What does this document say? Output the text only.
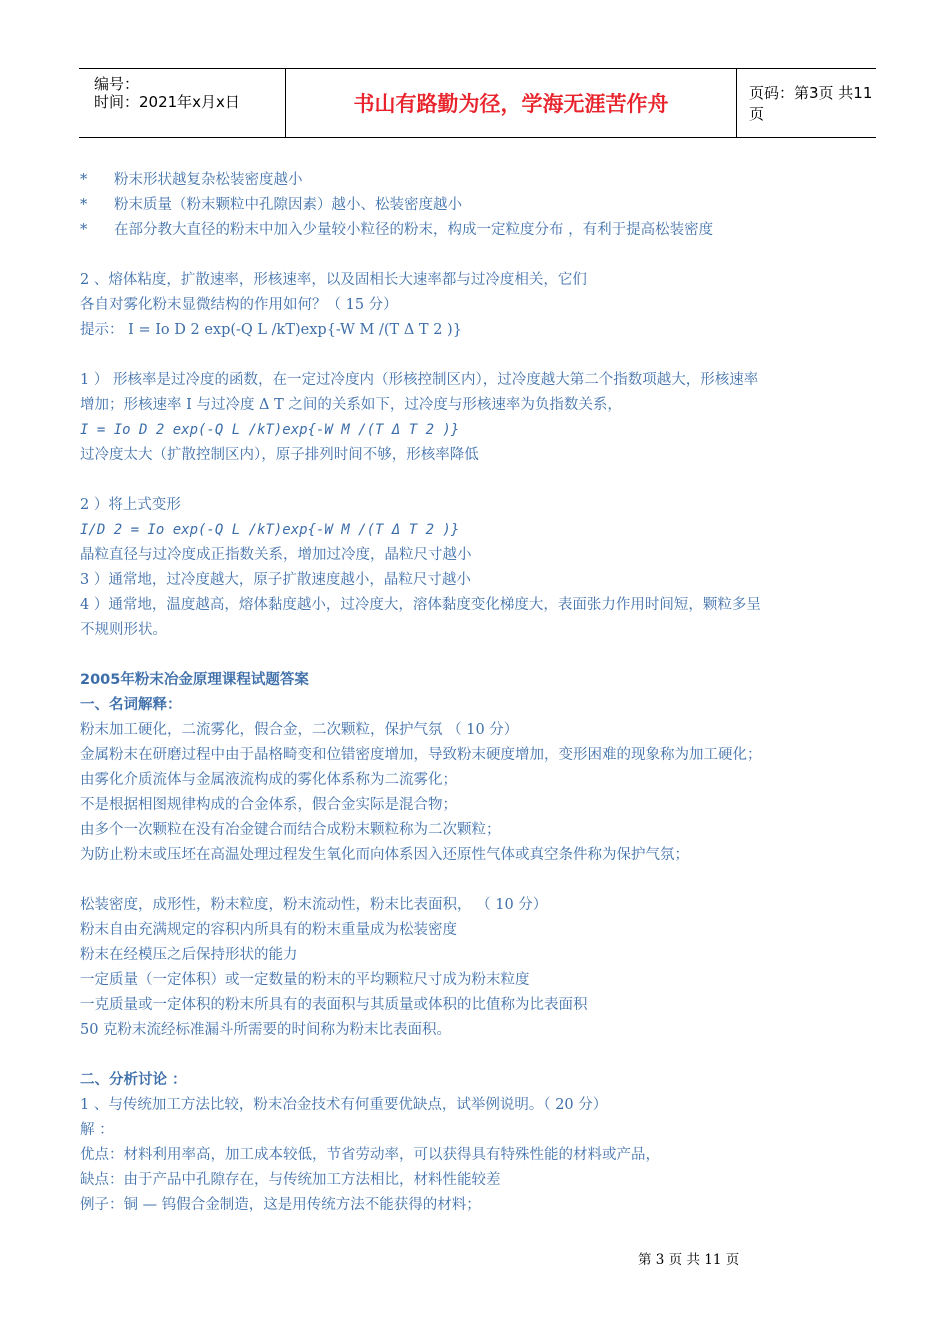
编号：
时间：2021年x月x日	书山有路勤为径，学海无涯苦作舟	页码：第3页 共11页

* 粉末形状越复杂松装密度越小

* 粉末质量（粉末颗粒中孔隙因素）越小、松装密度越小

* 在部分教大直径的粉末中加入少量较小粒径的粉末，构成一定粒度分布 ，有利于提高松装密度

2 、熔体粘度，扩散速率，形核速率，以及固相长大速率都与过冷度相关，它们

各自对雾化粉末显微结构的作用如何？（ 15 分）

提示： I = Io D 2 exp(-Q L /kT)exp{-W M /(T Δ T 2 )}

1 ） 形核率是过冷度的函数，在一定过冷度内（形核控制区内），过冷度越大第二个指数项越大，形核速率

增加；形核速率 I 与过冷度 Δ T 之间的关系如下，过冷度与形核速率为负指数关系，

I = Io D 2 exp(-Q L /kT)exp{-W M /(T Δ T 2 )}

过冷度太大（扩散控制区内），原子排列时间不够，形核率降低

2 ）将上式变形

I/D 2 = Io exp(-Q L /kT)exp{-W M /(T Δ T 2 )}

晶粒直径与过冷度成正指数关系，增加过冷度，晶粒尺寸越小

3 ）通常地，过冷度越大，原子扩散速度越小，晶粒尺寸越小

4 ）通常地，温度越高，熔体黏度越小，过冷度大，溶体黏度变化梯度大，表面张力作用时间短，颗粒多呈

不规则形状。

2005年粉末冶金原理课程试题答案

一、名词解释：

粉末加工硬化，二流雾化，假合金，二次颗粒，保护气氛 （ 10 分）

金属粉末在研磨过程中由于晶格畸变和位错密度增加，导致粉末硬度增加，变形困难的现象称为加工硬化；

由雾化介质流体与金属液流构成的雾化体系称为二流雾化；

不是根据相图规律构成的合金体系，假合金实际是混合物；

由多个一次颗粒在没有冶金键合而结合成粉末颗粒称为二次颗粒；

为防止粉末或压坯在高温处理过程发生氧化而向体系因入还原性气体或真空条件称为保护气氛；

松装密度，成形性，粉末粒度，粉末流动性，粉末比表面积， （ 10 分）

粉末自由充满规定的容积内所具有的粉末重量成为松装密度

粉末在经模压之后保持形状的能力

一定质量（一定体积）或一定数量的粉末的平均颗粒尺寸成为粉末粒度

一克质量或一定体积的粉末所具有的表面积与其质量或体积的比值称为比表面积

50 克粉末流经标准漏斗所需要的时间称为粉末比表面积。

二、分析讨论 ：

1 、与传统加工方法比较，粉末冶金技术有何重要优缺点，试举例说明。（ 20 分）

解 ：

优点：材料利用率高，加工成本较低，节省劳动率，可以获得具有特殊性能的材料或产品，

缺点：由于产品中孔隙存在，与传统加工方法相比，材料性能较差

例子：铜 — 钨假合金制造，这是用传统方法不能获得的材料；

第 3 页 共 11 页
